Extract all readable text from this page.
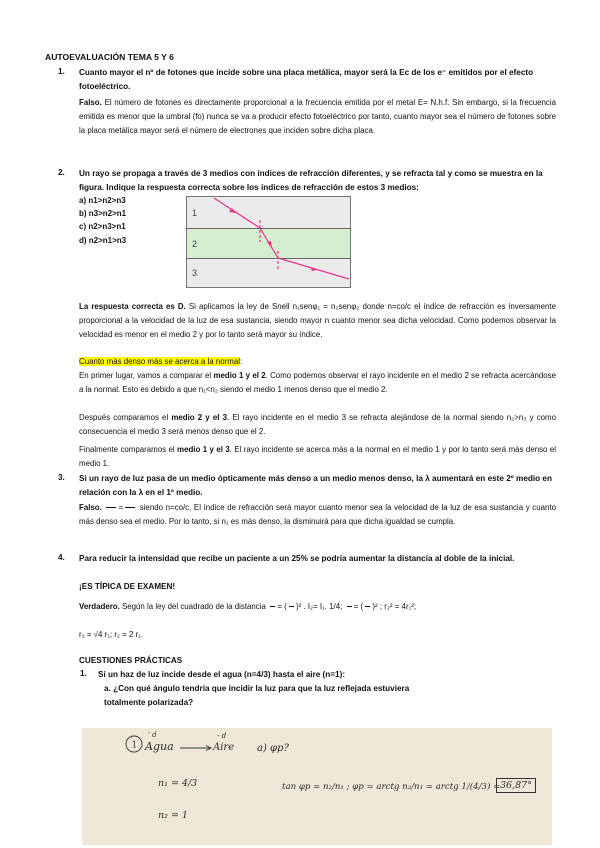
AUTOEVALUACIÓN TEMA 5 Y 6
1. Cuanto mayor el nº de fotones que incide sobre una placa metálica, mayor será la Ec de los e⁻ emitidos por el efecto fotoeléctrico.
Falso. El número de fotones es directamente proporcional a la frecuencia emitida por el metal E= N.h.f. Sin embargo, si la frecuencia emitida es menor que la umbral (fo) nunca se va a producir efecto fotoeléctrico por tanto, cuanto mayor sea el número de fotones sobre la placa metálica mayor será el número de electrones que inciden sobre dicha placa.
2. Un rayo se propaga a través de 3 medios con índices de refracción diferentes, y se refracta tal y como se muestra en la figura. Indique la respuesta correcta sobre los índices de refracción de estos 3 medios:
a) n1>n2>n3
b) n3>n2>n1
c) n2>n3>n1
d) n2>n1>n3
1
2
3
La respuesta correcta es D. Si aplicamos la ley de Snell n₁senφ₁ = n₂senφ₂ donde n=co/c el índice de refracción es inversamente proporcional a la velocidad de la luz de esa sustancia, siendo mayor n cuanto menor sea dicha velocidad. Como podemos observar la velocidad es menor en el medio 2 y por lo tanto será mayor su índice.
Cuanto más denso más se acerca a la normal:
En primer lugar, vamos a comparar el medio 1 y el 2. Como podemos observar el rayo incidente en el medio 2 se refracta acercándose a la normal. Esto es debido a que n₁<n₂ siendo el medio 1 menos denso que el medio 2.
Después comparamos el medio 2 y el 3. El rayo incidente en el medio 3 se refracta alejándose de la normal siendo n₂>n₃ y como consecuencia el medio 3 será menos denso que el 2.
Finalmente comparamos el medio 1 y el 3. El rayo incidente se acerca más a la normal en el medio 1 y por lo tanto será más denso el medio 1.
3. Si un rayo de luz pasa de un medio ópticamente más denso a un medio menos denso, la λ aumentará en este 2º medio en relación con la λ en el 1º medio.
Falso.

=

siendo n=co/c. El índice de refracción será mayor cuanto menor sea la velocidad de la luz de esa sustancia y cuanto más denso sea el medio. Por lo tanto, si n₁ es más denso, la disminuirá para que dicha igualdad se cumpla.
4. Para reducir la intensidad que recibe un paciente a un 25% se podría aumentar la distancia al doble de la inicial.
¡ES TÍPICA DE EXAMEN!
Verdadero. Según la ley del cuadrado de la distancia

= (

)² . I₂= I₁. 1/4;

= (

)² ; r₂² = 4r₁²;
r₂ = √4 r₁; r₂ = 2 r₁.
CUESTIONES PRÁCTICAS
1. Si un haz de luz incide desde el agua (n=4/3) hasta el aire (n=1):
a. ¿Con qué ángulo tendría que incidir la luz para que la luz reflejada estuviera totalmente polarizada?
1
' d
Agua
- d
Aire a) φp?
n₁ = 4/3
n₂ = 1
tan φp = n₂/n₁ ; φp = arctg n₂/n₁ = arctg 1/(4/3) = 36,87°
